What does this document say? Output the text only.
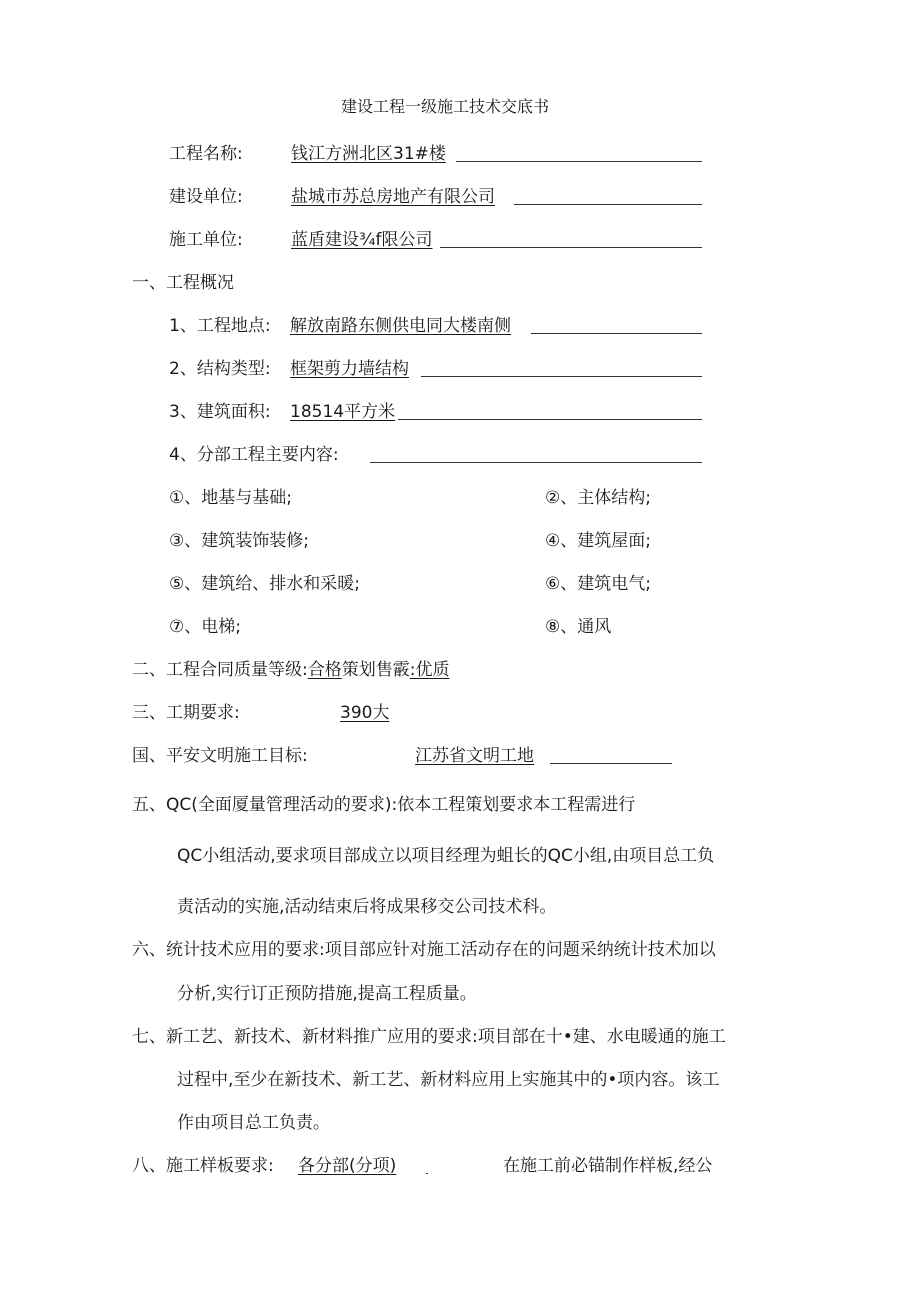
建设工程一级施工技术交底书
工程名称:	钱江方洲北区31#楼
建设单位:	盐城市苏总房地产有限公司
施工单位:	蓝盾建设¾f限公司
一、工程概况
1、工程地点: 解放南路东侧供电同大楼南侧
2、结构类型: 框架剪力墙结构
3、建筑面积: 18514平方米
4、分部工程主要内容:
①、地基与基础;	②、主体结构;
③、建筑装饰装修;	④、建筑屋面;
⑤、建筑给、排水和采暖;	⑥、建筑电气;
⑦、电梯;	⑧、通风
二、工程合同质量等级:合格策划售霰:优质
三、工期要求:	390大
国、平安文明施工目标:	江苏省文明工地
五、QC(全面厦量管理活动的要求):依本工程策划要求本工程需进行
QC小组活动,要求项目部成立以项目经理为蛆长的QC小组,由项目总工负
责活动的实施,活动结束后将成果移交公司技术科。
六、统计技术应用的要求:项目部应针对施工活动存在的问题采纳统计技术加以
分析,实行订正预防措施,提高工程质量。
七、新工艺、新技术、新材料推广应用的要求:项目部在十•建、水电暖通的施工
过程中,至少在新技术、新工艺、新材料应用上实施其中的•项内容。该工
作由项目总工负责。
八、施工样板要求: 各分部(分项)	在施工前必锚制作样板,经公
